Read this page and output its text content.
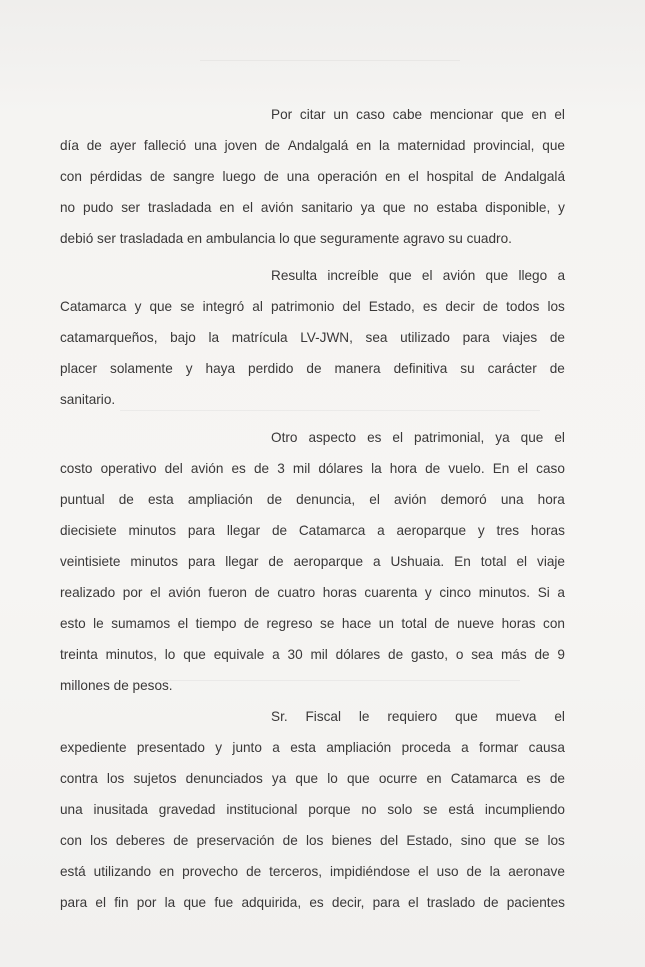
Por citar un caso cabe mencionar que en el
día de ayer falleció una joven de Andalgalá en la maternidad provincial, que
con pérdidas de sangre luego de una operación en el hospital de Andalgalá
no pudo ser trasladada en el avión sanitario ya que no estaba disponible, y
debió ser trasladada en ambulancia lo que seguramente agravo su cuadro.
Resulta increíble que el avión que llego a
Catamarca y que se integró al patrimonio del Estado, es decir de todos los
catamarqueños, bajo la matrícula LV-JWN, sea utilizado para viajes de
placer solamente y haya perdido de manera definitiva su carácter de
sanitario.
Otro aspecto es el patrimonial, ya que el
costo operativo del avión es de 3 mil dólares la hora de vuelo. En el caso
puntual de esta ampliación de denuncia, el avión demoró una hora
diecisiete minutos para llegar de Catamarca a aeroparque y tres horas
veintisiete minutos para llegar de aeroparque a Ushuaia. En total el viaje
realizado por el avión fueron de cuatro horas cuarenta y cinco minutos. Si a
esto le sumamos el tiempo de regreso se hace un total de nueve horas con
treinta minutos, lo que equivale a 30 mil dólares de gasto, o sea más de 9
millones de pesos.
Sr. Fiscal le requiero que mueva el
expediente presentado y junto a esta ampliación proceda a formar causa
contra los sujetos denunciados ya que lo que ocurre en Catamarca es de
una inusitada gravedad institucional porque no solo se está incumpliendo
con los deberes de preservación de los bienes del Estado, sino que se los
está utilizando en provecho de terceros, impidiéndose el uso de la aeronave
para el fin por la que fue adquirida, es decir, para el traslado de pacientes
